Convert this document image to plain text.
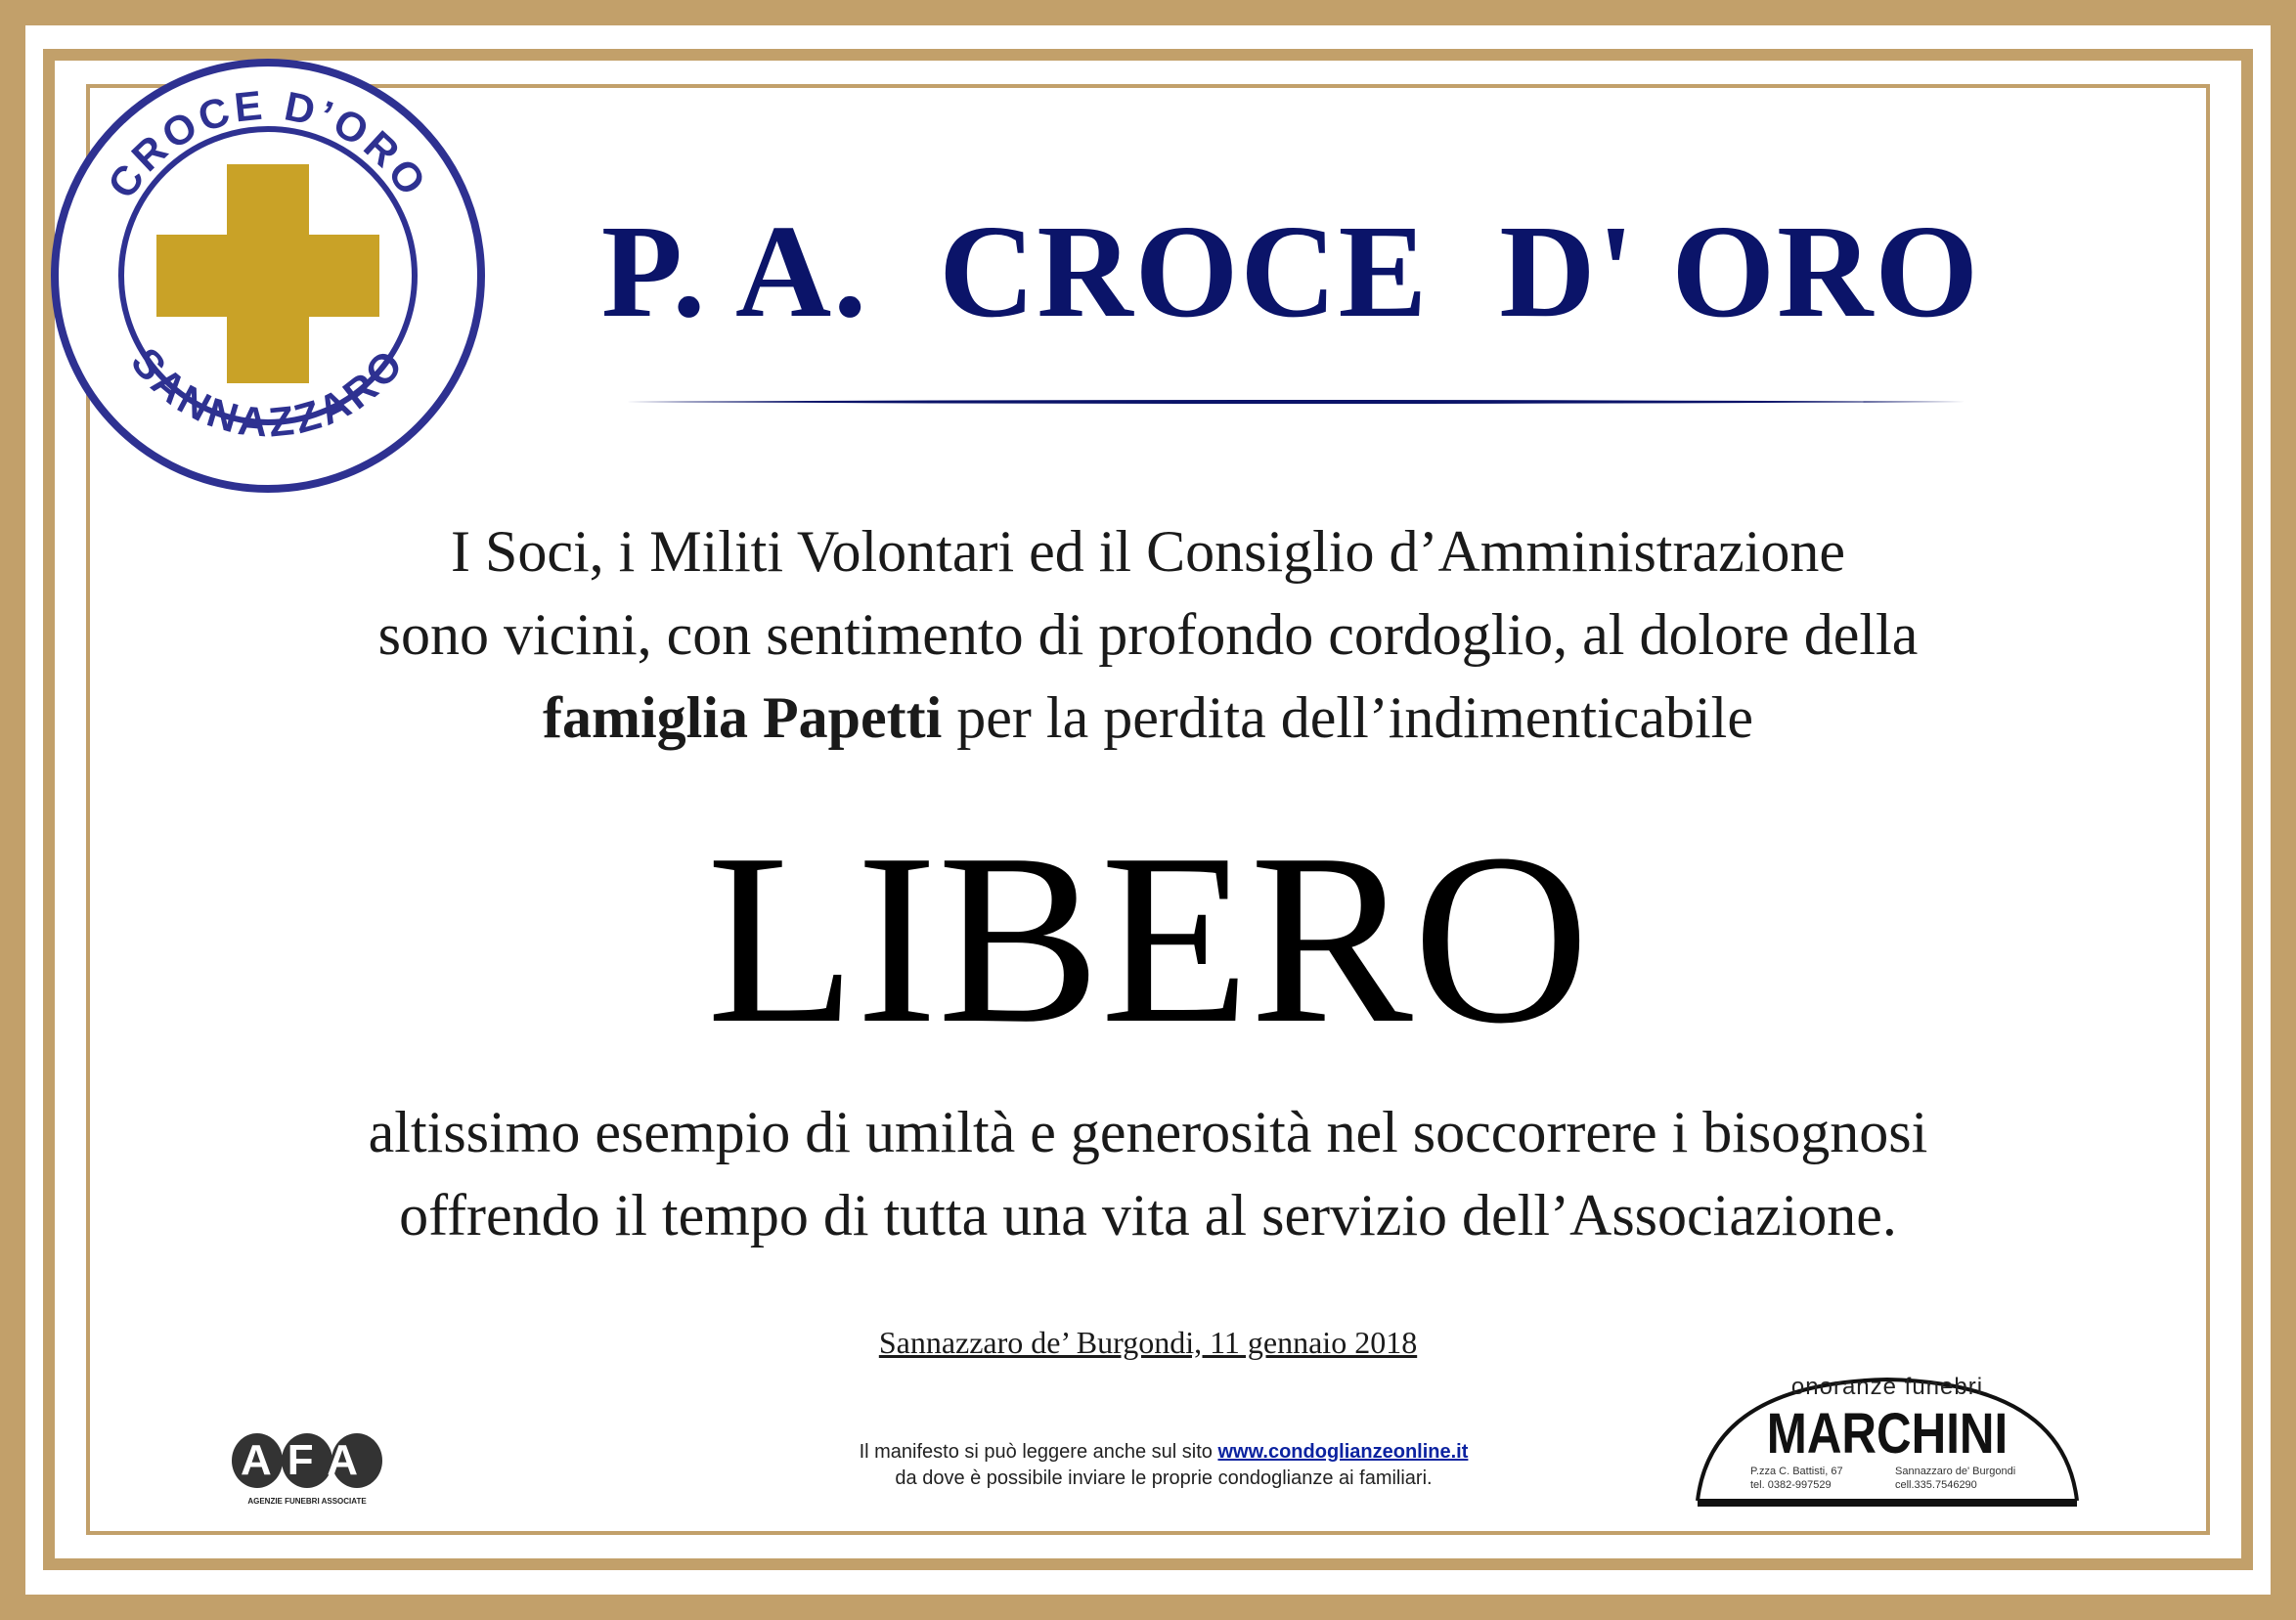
CROCE D’ORO
SANNAZZARO
P. A.  CROCE  D' ORO
I Soci, i Militi Volontari ed il Consiglio d’Amministrazione
sono vicini, con sentimento di profondo cordoglio, al dolore della
famiglia Papetti per la perdita dell’indimenticabile
LIBERO
altissimo esempio di umiltà e generosità nel soccorrere i bisognosi
offrendo il tempo di tutta una vita al servizio dell’Associazione.
Sannazzaro de’ Burgondi, 11 gennaio 2018
AFA
AGENZIE FUNEBRI ASSOCIATE
Il manifesto si può leggere anche sul sito www.condoglianzeonline.it
da dove è possibile inviare le proprie condoglianze ai familiari.
onoranze funebri
MARCHINI
P.zza C. Battisti, 67	Sannazzaro de' Burgondi
tel. 0382-997529	cell.335.7546290
